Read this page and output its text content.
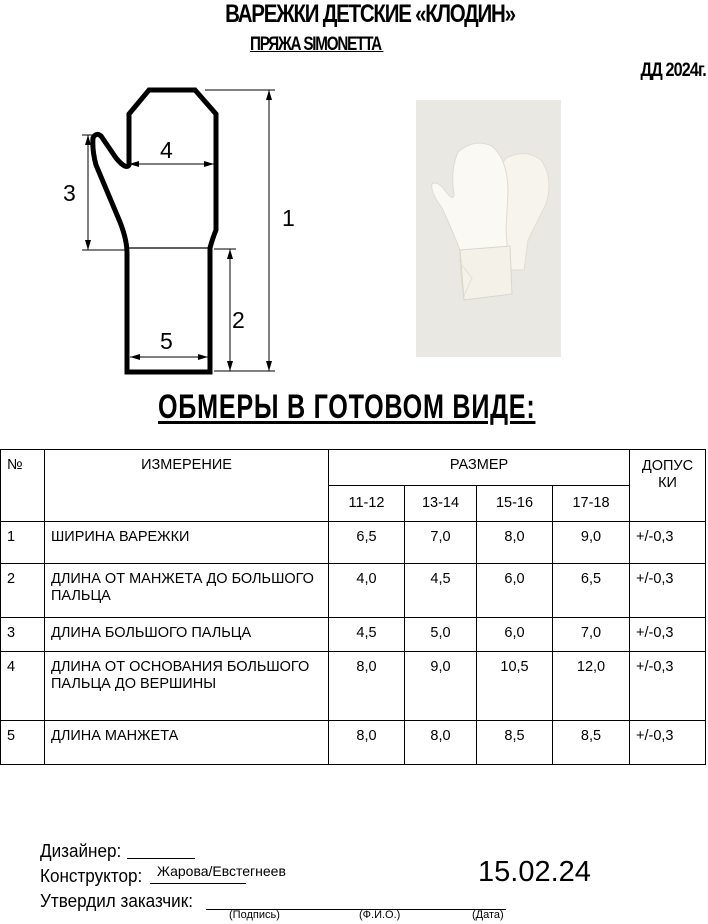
ВАРЕЖКИ ДЕТСКИЕ «КЛОДИН»
ПРЯЖА SIMONETTA
ДД 2024г.
1
2
3
4
5
ОБМЕРЫ В ГОТОВОМ ВИДЕ:
№	ИЗМЕРЕНИЕ	РАЗМЕР				ДОПУС КИ
		11-12	13-14	15-16	17-18	
1	ШИРИНА ВАРЕЖКИ	6,5	7,0	8,0	9,0	+/-0,3
2	ДЛИНА ОТ МАНЖЕТА ДО БОЛЬШОГО ПАЛЬЦА	4,0	4,5	6,0	6,5	+/-0,3
3	ДЛИНА БОЛЬШОГО ПАЛЬЦА	4,5	5,0	6,0	7,0	+/-0,3
4	ДЛИНА ОТ ОСНОВАНИЯ БОЛЬШОГО ПАЛЬЦА ДО ВЕРШИНЫ	8,0	9,0	10,5	12,0	+/-0,3
5	ДЛИНА МАНЖЕТА	8,0	8,0	8,5	8,5	+/-0,3
Дизайнер:
Конструктор: Жарова/Евстегнеев
Утвердил заказчик:
(Подпись)	(Ф.И.О.)	(Дата)
15.02.24
